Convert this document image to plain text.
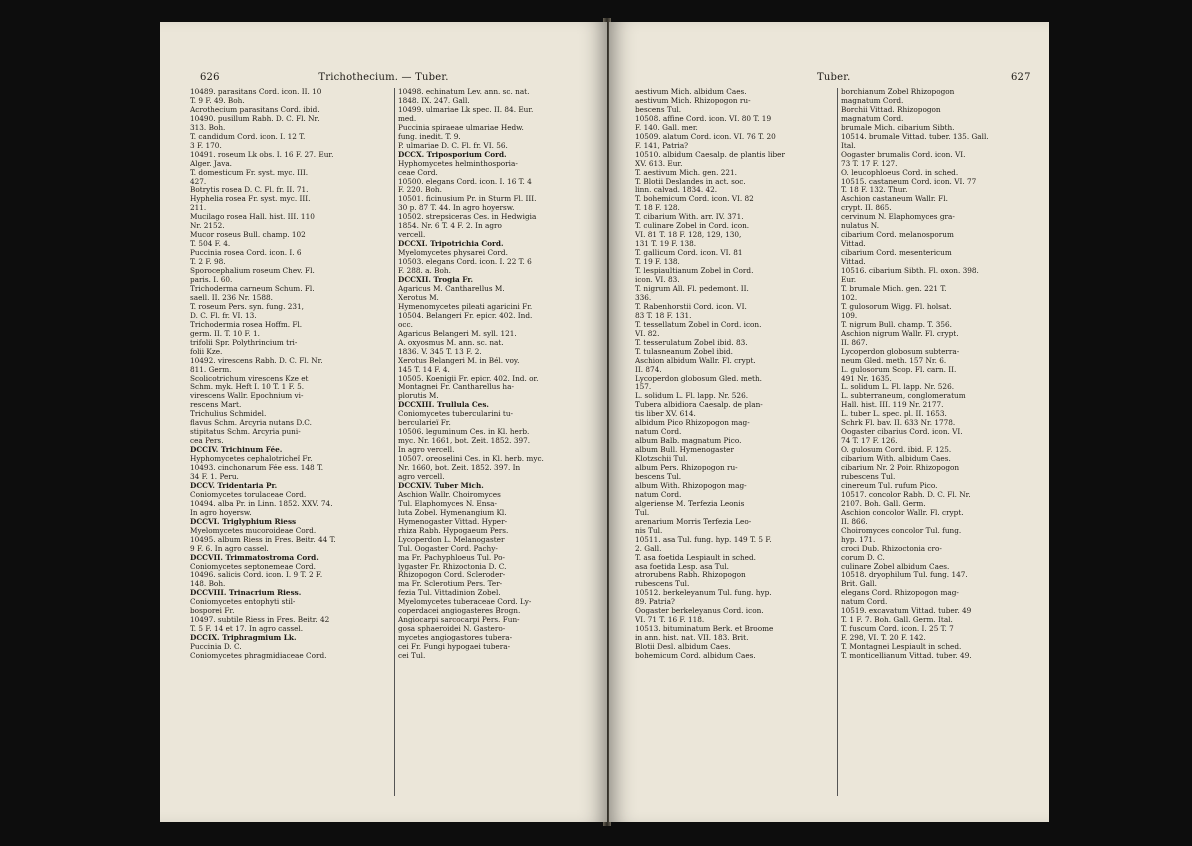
626	Trichothecium. — Tuber.
10489. parasitans Cord. icon. II. 10
T. 9 F. 49. Boh.
Acrothecium parasitans Cord. ibid.
10490. pusillum Rabh. D. C. Fl. Nr.
313. Boh.
T. candidum Cord. icon. I. 12 T.
3 F. 170.
10491. roseum Lk obs. I. 16 F. 27. Eur.
Alger. Java.
T. domesticum Fr. syst. myc. III.
427.
Botrytis rosea D. C. Fl. fr. II. 71.
Hyphelia rosea Fr. syst. myc. III.
211.
Mucilago rosea Hall. hist. III. 110
Nr. 2152.
Mucor roseus Bull. champ. 102
T. 504 F. 4.
Puccinia rosea Cord. icon. I. 6
T. 2 F. 98.
Sporocephalium roseum Chev. Fl.
paris. I. 60.
Trichoderma carneum Schum. Fl.
saell. II. 236 Nr. 1588.
T. roseum Pers. syn. fung. 231,
D. C. Fl. fr. VI. 13.
Trichodermia rosea Hoffm. Fl.
germ. II. T. 10 F. 1.
trifolii Spr. Polythrincium tri-
folii Kze.
10492. virescens Rabh. D. C. Fl. Nr.
811. Germ.
Scolicotrichum virescens Kze et
Schm. myk. Heft I. 10 T. 1 F. 5.
virescens Wallr. Epochnium vi-
rescens Mart.
Trichulius Schmidel.
flavus Schm. Arcyria nutans D.C.
stipitatus Schm. Arcyria puni-
cea Pers.
DCCIV. Trichinum Fée.
Hyphomycetes cephalotricheï Fr.
10493. cinchonarum Fée ess. 148 T.
34 F. 1. Peru.
DCCV. Tridentaria Pr.
Coniomycetes torulaceae Cord.
10494. alba Pr. in Linn. 1852. XXV. 74.
In agro hoyersw.
DCCVI. Triglyphium Riess
Myelomycetes mucoroideae Cord.
10495. album Riess in Fres. Beitr. 44 T.
9 F. 6. In agro cassel.
DCCVII. Trimmatostroma Cord.
Coniomycetes septonemeae Cord.
10496. salicis Cord. icon. I. 9 T. 2 F.
148. Boh.
DCCVIII. Trinacrium Riess.
Coniomycetes entophyti stil-
bosporei Fr.
10497. subtile Riess in Fres. Beitr. 42
T. 5 F. 14 et 17. In agro cassel.
DCCIX. Triphragmium Lk.
Puccinia D. C.
Coniomycetes phragmidiaceae Cord.
10498. echinatum Lev. ann. sc. nat.
1848. IX. 247. Gall.
10499. ulmariae Lk spec. II. 84. Eur.
med.
Puccinia spiraeae ulmariae Hedw.
fung. inedit. T. 9.
P. ulmariae D. C. Fl. fr. VI. 56.
DCCX. Triposporium Cord.
Hyphomycetes helminthosporia-
ceae Cord.
10500. elegans Cord. icon. I. 16 T. 4
F. 220. Boh.
10501. ficinusium Pr. in Sturm Fl. III.
30 p. 87 T. 44. In agro hoyersw.
10502. strepsiceras Ces. in Hedwigia
1854. Nr. 6 T. 4 F. 2. In agro
vercell.
DCCXI. Tripotrichia Cord.
Myelomycetes physarei Cord.
10503. elegans Cord. icon. I. 22 T. 6
F. 288. a. Boh.
DCCXII. Trogia Fr.
Agaricus M. Cantharellus M.
Xerotus M.
Hymenomycetes pileati agaricini Fr.
10504. Belangeri Fr. epicr. 402. Ind.
occ.
Agaricus Belangeri M. syll. 121.
A. oxyosmus M. ann. sc. nat.
1836. V. 345 T. 13 F. 2.
Xerotus Belangeri M. in Bél. voy.
145 T. 14 F. 4.
10505. Koenigii Fr. epicr. 402. Ind. or.
Montagnei Fr. Cantharellus ha-
plorutis M.
DCCXIII. Trullula Ces.
Coniomycetes tubercularini tu-
bercularieï Fr.
10506. leguminum Ces. in Kl. herb.
myc. Nr. 1661, bot. Zeit. 1852. 397.
In agro vercell.
10507. oreoselini Ces. in Kl. herb. myc.
Nr. 1660, bot. Zeit. 1852. 397. In
agro vercell.
DCCXIV. Tuber Mich.
Aschion Wallr. Choiromyces
Tul. Elaphomyces N. Ensa-
luta Zobel. Hymenangium Kl.
Hymenogaster Vittad. Hyper-
rhiza Rabh. Hypogaeum Pers.
Lycoperdon L. Melanogaster
Tul. Oogaster Cord. Pachy-
ma Fr. Pachyphloeus Tul. Po-
lygaster Fr. Rhizoctonia D. C.
Rhizopogon Cord. Scleroder-
ma Fr. Sclerotium Pers. Ter-
fezia Tul. Vittadinion Zobel.
Myelomycetes tuberaceae Cord. Ly-
coperdacei angiogasteres Brogn.
Angiocarpi sarcocarpi Pers. Fun-
gosa sphaeroidei N. Gastero-
mycetes angiogastores tubera-
cei Fr. Fungi hypogaei tubera-
cei Tul.
Tuber.	627
aestivum Mich. albidum Caes.
aestivum Mich. Rhizopogon ru-
bescens Tul.
10508. affine Cord. icon. VI. 80 T. 19
F. 140. Gall. mer.
10509. alatum Cord. icon. VI. 76 T. 20
F. 141, Patria?
10510. albidum Caesalp. de plantis liber
XV. 613. Eur.
T. aestivum Mich. gen. 221.
T. Blotii Deslandes in act. soc.
linn. calvad. 1834. 42.
T. bohemicum Cord. icon. VI. 82
T. 18 F. 128.
T. cibarium With. arr. IV. 371.
T. culinare Zobel in Cord. icon.
VI. 81 T. 18 F. 128, 129, 130,
131 T. 19 F. 138.
T. gallicum Cord. icon. VI. 81
T. 19 F. 138.
T. lespiaultianum Zobel in Cord.
icon. VI. 83.
T. nigrum All. Fl. pedemont. II.
336.
T. Rabenhorstii Cord. icon. VI.
83 T. 18 F. 131.
T. tessellatum Zobel in Cord. icon.
VI. 82.
T. tesserulatum Zobel ibid. 83.
T. tulasneanum Zobel ibid.
Aschion albidum Wallr. Fl. crypt.
II. 874.
Lycoperdon globosum Gled. meth.
157.
L. solidum L. Fl. lapp. Nr. 526.
Tubera albidiora Caesalp. de plan-
tis liber XV. 614.
albidum Pico Rhizopogon mag-
natum Cord.
album Balb. magnatum Pico.
album Bull. Hymenogaster
Klotzschii Tul.
album Pers. Rhizopogon ru-
bescens Tul.
album With. Rhizopogon mag-
natum Cord.
algeriense M. Terfezia Leonis
Tul.
arenarium Morris Terfezia Leo-
nis Tul.
10511. asa Tul. fung. hyp. 149 T. 5 F.
2. Gall.
T. asa foetida Lespiault in sched.
asa foetida Lesp. asa Tul.
atrorubens Rabh. Rhizopogon
rubescens Tul.
10512. berkeleyanum Tul. fung. hyp.
89. Patria?
Oogaster berkeleyanus Cord. icon.
VI. 71 T. 16 F. 118.
10513. bituminatum Berk. et Broome
in ann. hist. nat. VII. 183. Brit.
Blotii Desl. albidum Caes.
bohemicum Cord. albidum Caes.
borchianum Zobel Rhizopogon
magnatum Cord.
Borchii Vittad. Rhizopogon
magnatum Cord.
brumale Mich. cibarium Sibth.
10514. brumale Vittad. tuber. 135. Gall.
Ital.
Oogaster brumalis Cord. icon. VI.
73 T. 17 F. 127.
O. leucophloeus Cord. in sched.
10515. castaneum Cord. icon. VI. 77
T. 18 F. 132. Thur.
Aschion castaneum Wallr. Fl.
crypt. II. 865.
cervinum N. Elaphomyces gra-
nulatus N.
cibarium Cord. melanosporum
Vittad.
cibarium Cord. mesentericum
Vittad.
10516. cibarium Sibth. Fl. oxon. 398.
Eur.
T. brumale Mich. gen. 221 T.
102.
T. gulosorum Wigg. Fl. holsat.
109.
T. nigrum Bull. champ. T. 356.
Aschion nigrum Wallr. Fl. crypt.
II. 867.
Lycoperdon globosum subterra-
neum Gled. meth. 157 Nr. 6.
L. gulosorum Scop. Fl. carn. II.
491 Nr. 1635.
L. solidum L. Fl. lapp. Nr. 526.
L. subterraneum, conglomeratum
Hall. hist. III. 119 Nr. 2177.
L. tuber L. spec. pl. II. 1653.
Schrk Fl. bav. II. 633 Nr. 1778.
Oogaster cibarius Cord. icon. VI.
74 T. 17 F. 126.
O. gulosum Cord. ibid. F. 125.
cibarium With. albidum Caes.
cibarium Nr. 2 Poir. Rhizopogon
rubescens Tul.
cinereum Tul. rufum Pico.
10517. concolor Rabh. D. C. Fl. Nr.
2107. Boh. Gall. Germ.
Aschion concolor Wallr. Fl. crypt.
II. 866.
Choiromyces concolor Tul. fung.
hyp. 171.
croci Dub. Rhizoctonia cro-
corum D. C.
culinare Zobel albidum Caes.
10518. dryophilum Tul. fung. 147.
Brit. Gall.
elegans Cord. Rhizopogon mag-
natum Cord.
10519. excavatum Vittad. tuber. 49
T. 1 F. 7. Boh. Gall. Germ. Ital.
T. fuscum Cord. icon. I. 25 T. 7
F. 298, VI. T. 20 F. 142.
T. Montagnei Lespiault in sched.
T. monticellianum Vittad. tuber. 49.
